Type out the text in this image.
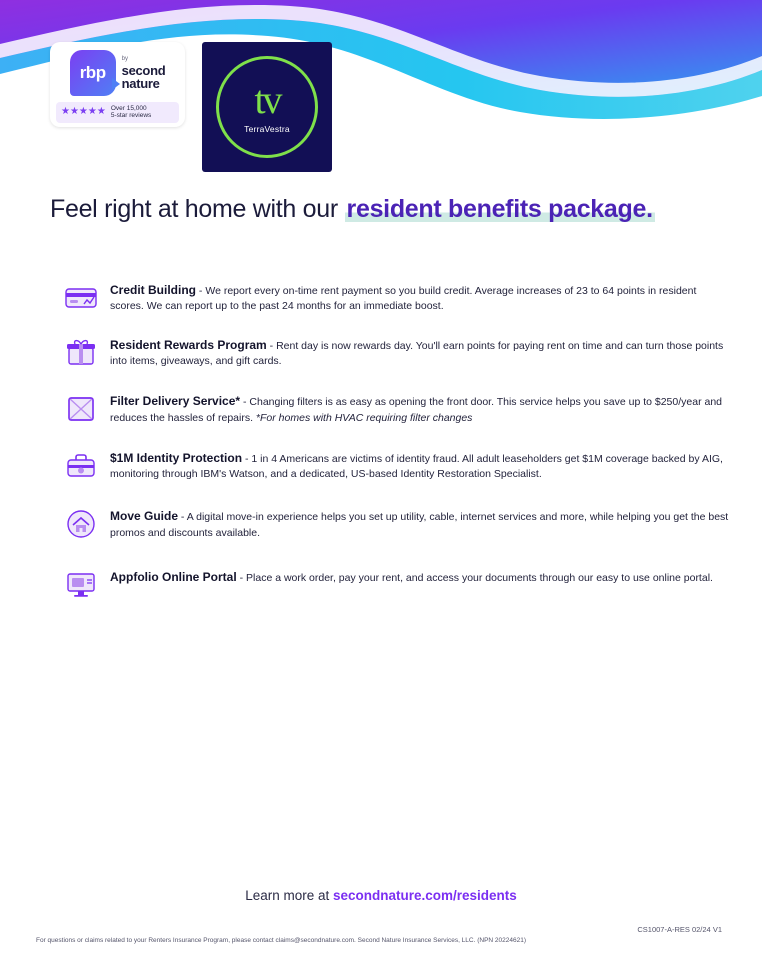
rbp
by
second
nature
★★★★★ Over 15,000
5-star reviews	tv
TerraVestra
Feel right at home with our resident benefits package.
Credit Building - We report every on-time rent payment so you build credit. Average increases of 23 to 64 points in resident scores. We can report up to the past 24 months for an immediate boost.
Resident Rewards Program - Rent day is now rewards day. You'll earn points for paying rent on time and can turn those points into items, giveaways, and gift cards.
Filter Delivery Service* - Changing filters is as easy as opening the front door. This service helps you save up to $250/year and reduces the hassles of repairs. *For homes with HVAC requiring filter changes
$1M Identity Protection - 1 in 4 Americans are victims of identity fraud. All adult leaseholders get $1M coverage backed by AIG, monitoring through IBM's Watson, and a dedicated, US-based Identity Restoration Specialist.
Move Guide - A digital move-in experience helps you set up utility, cable, internet services and more, while helping you get the best promos and discounts available.
Appfolio Online Portal - Place a work order, pay your rent, and access your documents through our easy to use online portal.
Learn more at secondnature.com/residents
CS1007-A-RES 02/24 V1
For questions or claims related to your Renters Insurance Program, please contact claims@secondnature.com. Second Nature Insurance Services, LLC. (NPN 20224621)
